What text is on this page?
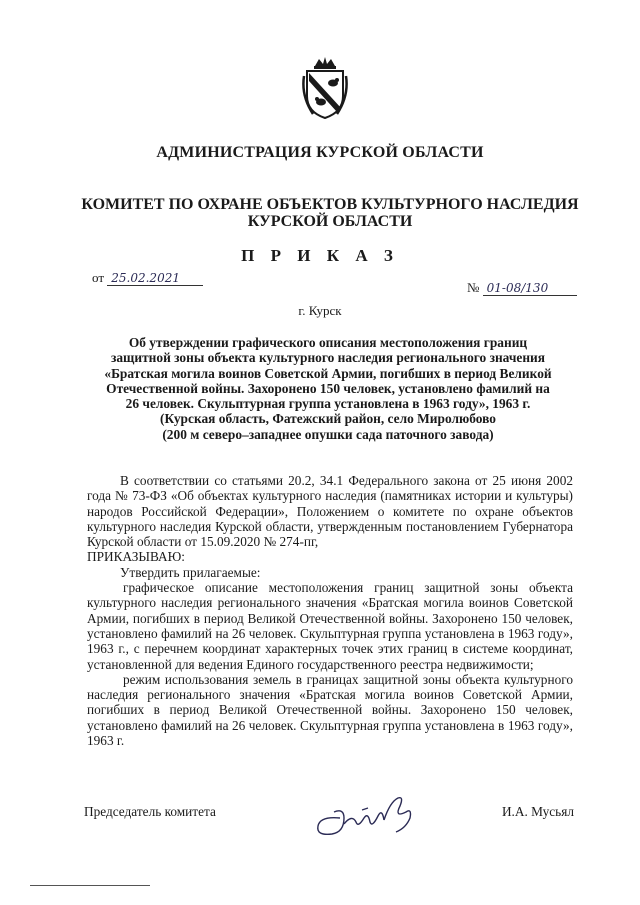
АДМИНИСТРАЦИЯ КУРСКОЙ ОБЛАСТИ
КОМИТЕТ ПО ОХРАНЕ ОБЪЕКТОВ КУЛЬТУРНОГО НАСЛЕДИЯ
КУРСКОЙ ОБЛАСТИ
П Р И К А З
от 25.02.2021
№ 01-08/130
г. Курск
Об утверждении графического описания местоположения границ
защитной зоны объекта культурного наследия регионального значения
«Братская могила воинов Советской Армии, погибших в период Великой
Отечественной войны. Захоронено 150 человек, установлено фамилий на
26 человек. Скульптурная группа установлена в 1963 году», 1963 г.
(Курская область, Фатежский район, село Миролюбово
(200 м северо–западнее опушки сада паточного завода)

В соответствии со статьями 20.2, 34.1 Федерального закона от 25 июня 2002 года № 73-ФЗ «Об объектах культурного наследия (памятниках истории и культуры) народов Российской Федерации», Положением о комитете по охране объектов культурного наследия Курской области, утвержденным постановлением Губернатора Курской области от 15.09.2020 № 274-пг,

ПРИКАЗЫВАЮ:

Утвердить прилагаемые:

графическое описание местоположения границ защитной зоны объекта культурного наследия регионального значения «Братская могила воинов Советской Армии, погибших в период Великой Отечественной войны. Захоронено 150 человек, установлено фамилий на 26 человек. Скульптурная группа установлена в 1963 году», 1963 г., с перечнем координат характерных точек этих границ в системе координат, установленной для ведения Единого государственного реестра недвижимости;

режим использования земель в границах защитной зоны объекта культурного наследия регионального значения «Братская могила воинов Советской Армии, погибших в период Великой Отечественной войны. Захоронено 150 человек, установлено фамилий на 26 человек. Скульптурная группа установлена в 1963 году», 1963 г.

Председатель комитета	И.А. Мусьял
